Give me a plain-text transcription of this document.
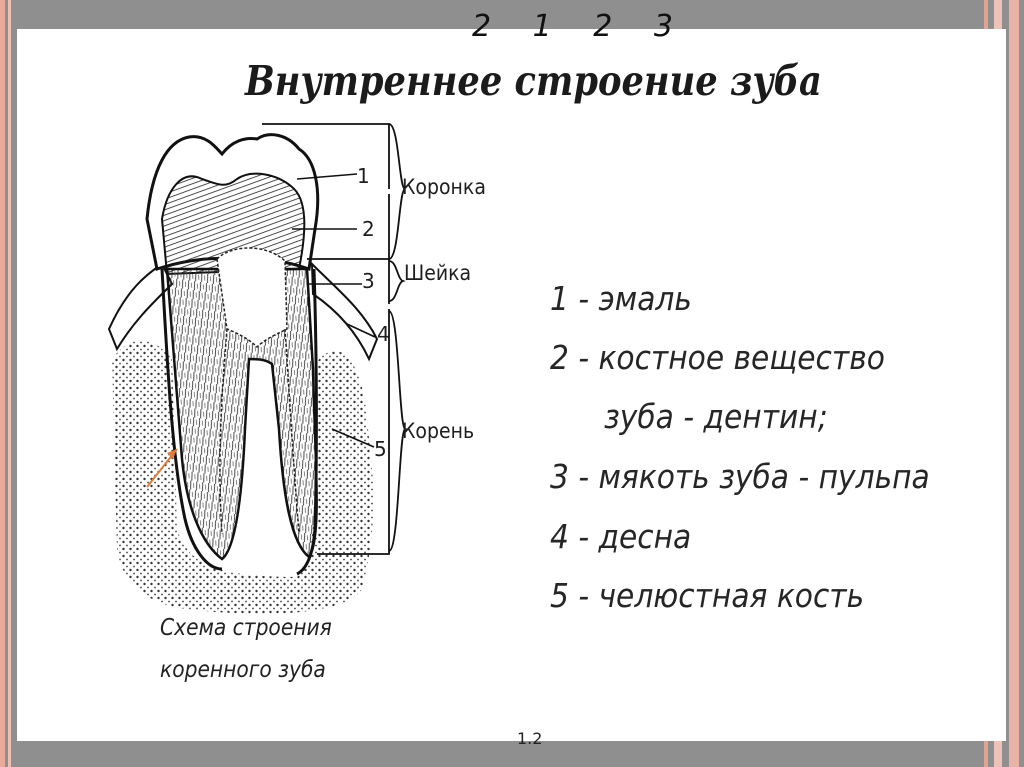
2 1 2 3
Внутреннее строение зуба
1
2
3
4
5
Коронка
Шейка
Корень
Схема строения
коренного зуба
1 - эмаль
2 - костное вещество
зуба - дентин;
3 - мякоть зуба - пульпа
4 - десна
5 - челюстная кость
1.2
